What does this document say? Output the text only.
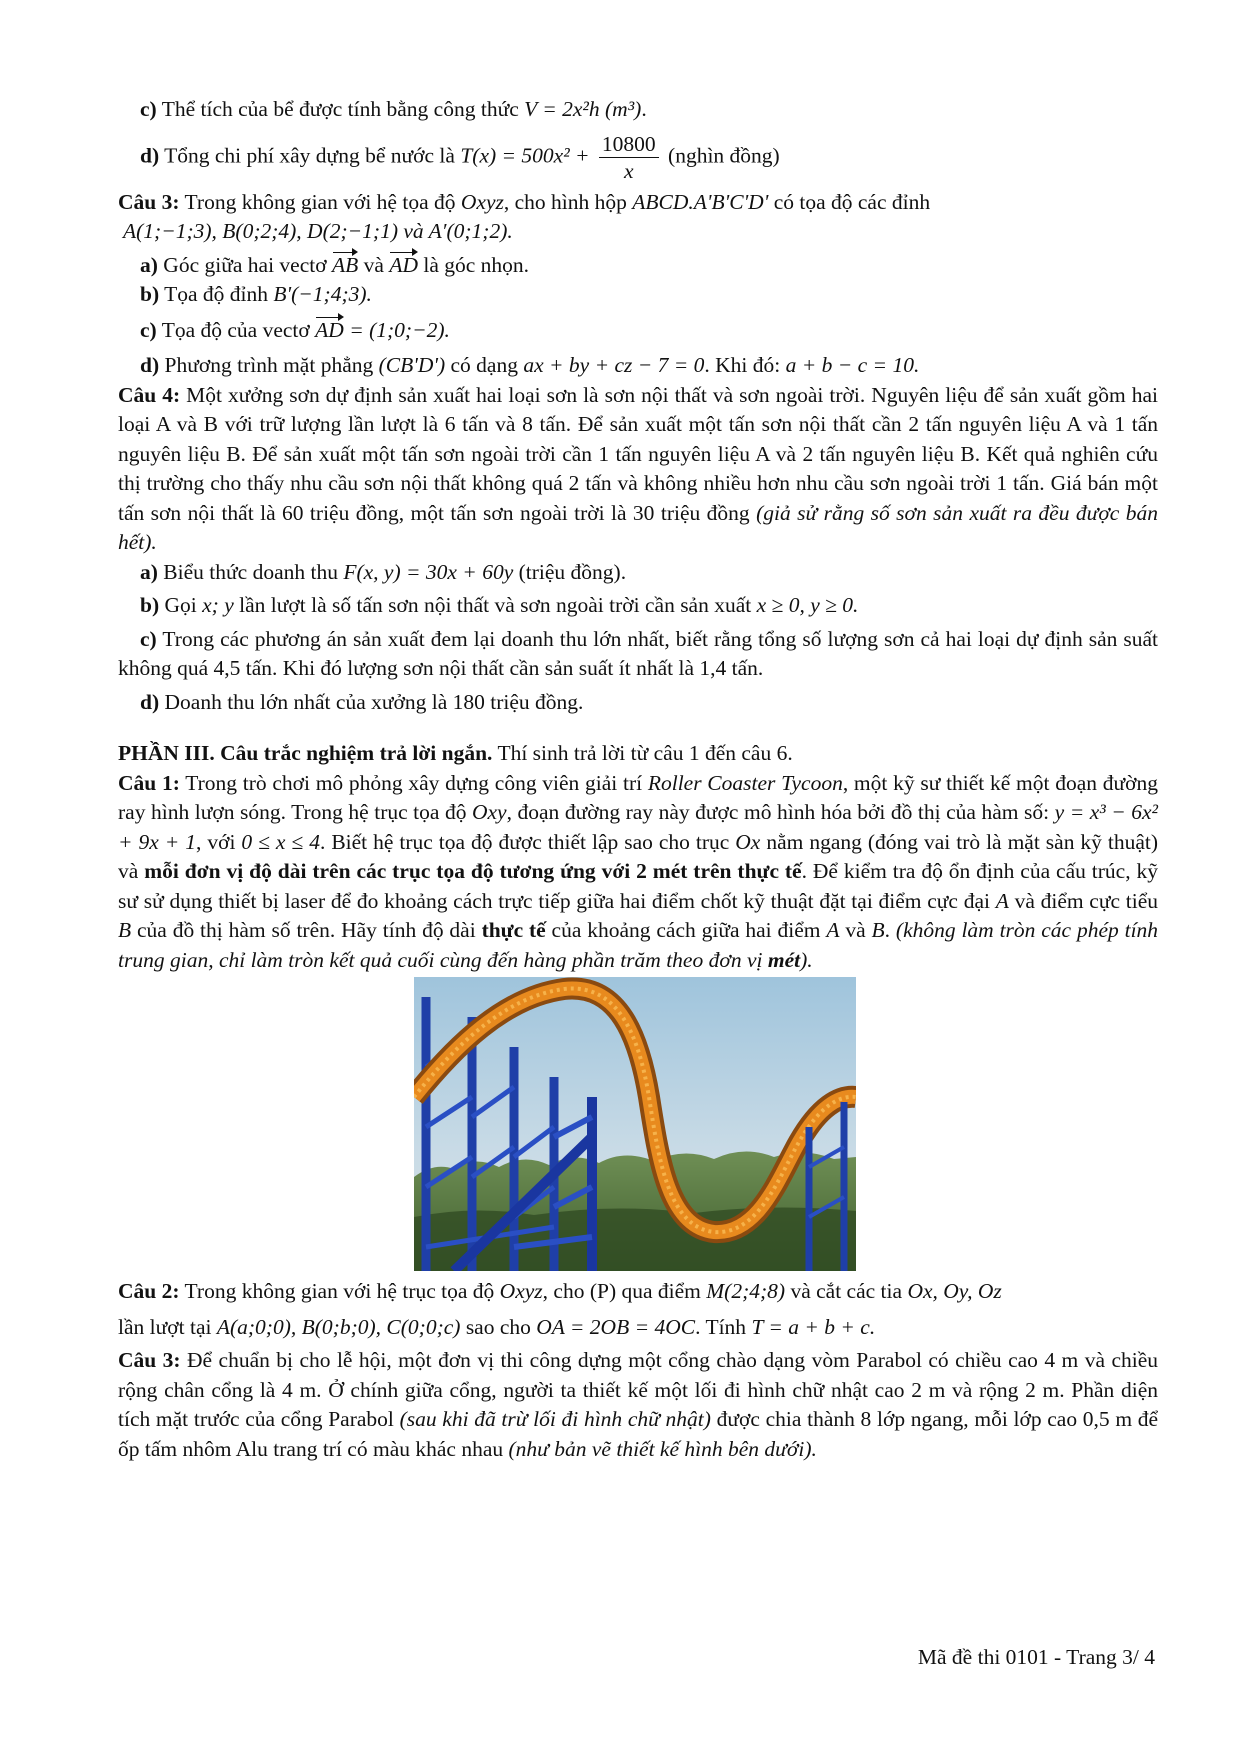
c) Thể tích của bể được tính bằng công thức V = 2x²h (m³).

d) Tổng chi phí xây dựng bể nước là $T(x) = 500x^2 + \frac{10800}{x}$ (nghìn đồng)

Câu 3: Trong không gian với hệ tọa độ Oxyz, cho hình hộp ABCD.A'B'C'D' có tọa độ các đỉnh

A(1;−1;3), B(0;2;4), D(2;−1;1) và A′(0;1;2).

a) Góc giữa hai vectơ AB và AD là góc nhọn.

b) Tọa độ đỉnh B'(−1;4;3).

c) Tọa độ của vectơ AD = (1;0;−2).

d) Phương trình mặt phẳng (CB'D') có dạng ax + by + cz − 7 = 0. Khi đó: a + b − c = 10.

Câu 4: Một xưởng sơn dự định sản xuất hai loại sơn là sơn nội thất và sơn ngoài trời. Nguyên liệu để sản xuất gồm hai loại A và B với trữ lượng lần lượt là 6 tấn và 8 tấn. Để sản xuất một tấn sơn nội thất cần 2 tấn nguyên liệu A và 1 tấn nguyên liệu B. Để sản xuất một tấn sơn ngoài trời cần 1 tấn nguyên liệu A và 2 tấn nguyên liệu B. Kết quả nghiên cứu thị trường cho thấy nhu cầu sơn nội thất không quá 2 tấn và không nhiều hơn nhu cầu sơn ngoài trời 1 tấn. Giá bán một tấn sơn nội thất là 60 triệu đồng, một tấn sơn ngoài trời là 30 triệu đồng (giả sử rằng số sơn sản xuất ra đều được bán hết).

a) Biểu thức doanh thu F(x, y) = 30x + 60y (triệu đồng).

b) Gọi x; y lần lượt là số tấn sơn nội thất và sơn ngoài trời cần sản xuất x ≥ 0, y ≥ 0.

c) Trong các phương án sản xuất đem lại doanh thu lớn nhất, biết rằng tổng số lượng sơn cả hai loại dự định sản suất không quá 4,5 tấn. Khi đó lượng sơn nội thất cần sản suất ít nhất là 1,4 tấn.

d) Doanh thu lớn nhất của xưởng là 180 triệu đồng.

PHẦN III. Câu trắc nghiệm trả lời ngắn. Thí sinh trả lời từ câu 1 đến câu 6.

Câu 1: Trong trò chơi mô phỏng xây dựng công viên giải trí Roller Coaster Tycoon, một kỹ sư thiết kế một đoạn đường ray hình lượn sóng. Trong hệ trục tọa độ Oxy, đoạn đường ray này được mô hình hóa bởi đồ thị của hàm số: y = x³ − 6x² + 9x + 1, với 0 ≤ x ≤ 4. Biết hệ trục tọa độ được thiết lập sao cho trục Ox nằm ngang (đóng vai trò là mặt sàn kỹ thuật) và mỗi đơn vị độ dài trên các trục tọa độ tương ứng với 2 mét trên thực tế. Để kiểm tra độ ổn định của cấu trúc, kỹ sư sử dụng thiết bị laser để đo khoảng cách trực tiếp giữa hai điểm chốt kỹ thuật đặt tại điểm cực đại A và điểm cực tiểu B của đồ thị hàm số trên. Hãy tính độ dài thực tế của khoảng cách giữa hai điểm A và B. (không làm tròn các phép tính trung gian, chỉ làm tròn kết quả cuối cùng đến hàng phần trăm theo đơn vị mét).

Câu 2: Trong không gian với hệ trục tọa độ Oxyz, cho (P) qua điểm M(2;4;8) và cắt các tia Ox, Oy, Oz

lần lượt tại A(a;0;0), B(0;b;0), C(0;0;c) sao cho OA = 2OB = 4OC. Tính T = a + b + c.

Câu 3: Để chuẩn bị cho lễ hội, một đơn vị thi công dựng một cổng chào dạng vòm Parabol có chiều cao 4 m và chiều rộng chân cổng là 4 m. Ở chính giữa cổng, người ta thiết kế một lối đi hình chữ nhật cao 2 m và rộng 2 m. Phần diện tích mặt trước của cổng Parabol (sau khi đã trừ lối đi hình chữ nhật) được chia thành 8 lớp ngang, mỗi lớp cao 0,5 m để ốp tấm nhôm Alu trang trí có màu khác nhau (như bản vẽ thiết kế hình bên dưới).

Mã đề thi 0101 - Trang 3/ 4
